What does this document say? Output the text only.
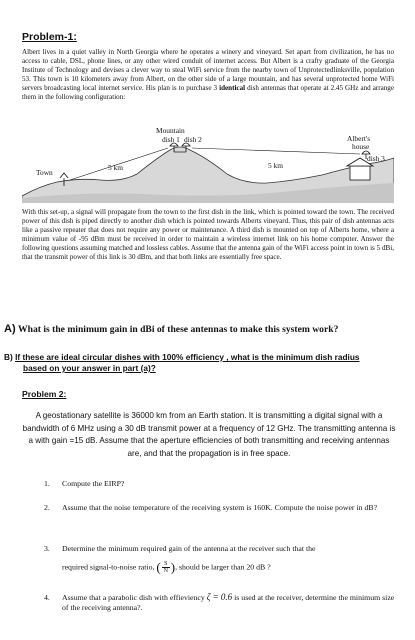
Problem-1:
Albert lives in a quiet valley in North Georgia where he operates a winery and vineyard. Set apart from civilization, he has no access to cable, DSL, phone lines, or any other wired conduit of internet access. But Albert is a crafty graduate of the Georgia Institute of Technology and devises a clever way to steal WiFi service from the nearby town of Unprotectedlinksville, population 53. This town is 10 kilometers away from Albert, on the other side of a large mountain, and has several unprotected home WiFi servers broadcasting local internet service. His plan is to purchase 3 identical dish antennas that operate at 2.45 GHz and arrange them in the following configuration:
Mountain
dish 1 dish 2	Albert's
house
dish 3
Town
5 km	5 km
With this set-up, a signal will propagate from the town to the first dish in the link, which is pointed toward the town. The received power of this dish is piped directly to another dish which is pointed towards Alberts vineyard. Thus, this pair of dish antennas acts like a passive repeater that does not require any power or maintenance. A third dish is mounted on top of Alberts home, where a minimum value of -95 dBm must be received in order to maintain a wireless internet link on his home computer. Answer the following questions assuming matched and lossless cables. Assume that the antenna gain of the WiFi access point in town is 5 dBi, that the transmit power of this link is 30 dBm, and that both links are essentially free space.
A) What is the minimum gain in dBi of these antennas to make this system work?
B) If these are ideal circular dishes with 100% efficiency , what is the minimum dish radius
based on your answer in part (a)?
Problem 2:
A geostationary satellite is 36000 km from an Earth station. It is transmitting a digital signal with a bandwidth of 6 MHz using a 30 dB transmit power at a frequency of 12 GHz. The transmitting antenna is a with gain =15 dB. Assume that the aperture efficiencies of both transmitting and receiving antennas are, and that the propagation is in free space.
1. Compute the EIRP?
2. Assume that the noise temperature of the receiving system is 160K. Compute the noise power in dB?
3. Determine the minimum required gain of the antenna at the receiver such that the
required signal-to-noise ratio, ( $\frac{S}{N}$ ), should be larger than 20 dB ?
4. Assume that a parabolic dish with effieviency ζ = 0.6 is used at the receiver, determine the minimum size of the receiving antenna?.
